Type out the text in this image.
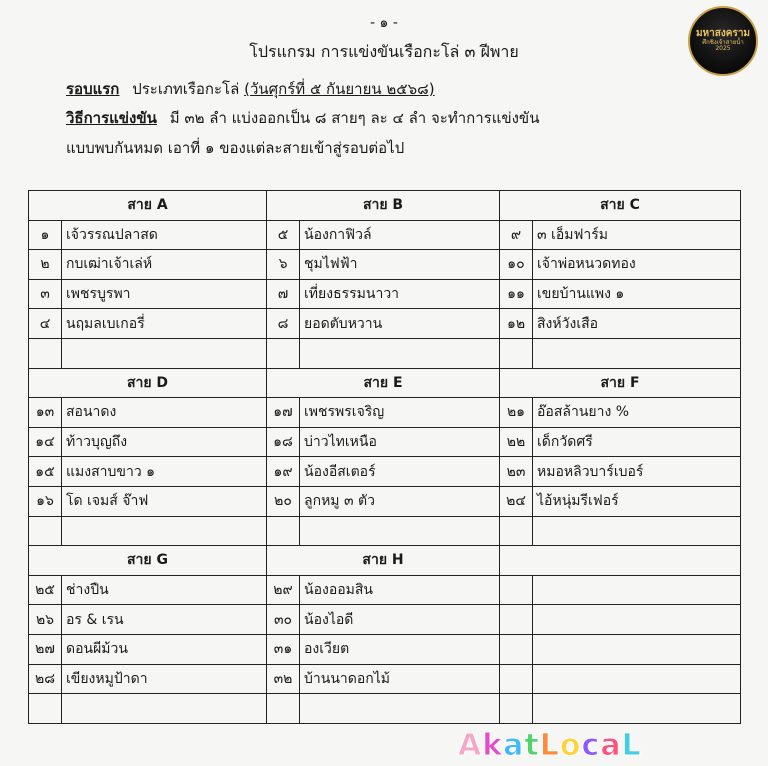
- ๑ -
โปรแกรม การแข่งขันเรือกะโล่ ๓ ฝีพาย
มหาสงคราม
ศึกชิงเจ้าสายน้ำ
2025
รอบแรก ประเภทเรือกะโล่ (วันศุกร์ที่ ๕ กันยายน ๒๕๖๘)
วิธีการแข่งขัน มี ๓๒ ลำ แบ่งออกเป็น ๘ สายๆ ละ ๔ ลำ จะทำการแข่งขัน
แบบพบกันหมด เอาที่ ๑ ของแต่ละสายเข้าสู่รอบต่อไป
สาย A		สาย B		สาย C	
๑	เจ้วรรณปลาสด	๕	น้องกาฟิวล์	๙	๓ เอ็มฟาร์ม
๒	กบเฒ่าเจ้าเล่ห์	๖	ชุมไฟฟ้า	๑๐	เจ้าพ่อหนวดทอง
๓	เพชรบูรพา	๗	เที่ยงธรรมนาวา	๑๑	เขยบ้านแพง ๑
๔	นฤมลเบเกอรี่	๘	ยอดตับหวาน	๑๒	สิงห์วังเสือ

สาย D		สาย E		สาย F	
๑๓	สอนาดง	๑๗	เพชรพรเจริญ	๒๑	อ๊อสล้านยาง %
๑๔	ท้าวบุญถึง	๑๘	บ่าวไทเหนือ	๒๒	เด็กวัดศรี
๑๕	แมงสาบขาว ๑	๑๙	น้องอีสเตอร์	๒๓	หมอหลิวบาร์เบอร์
๑๖	โด เจมส์ จ๊าฟ	๒๐	ลูกหมู ๓ ตัว	๒๔	ไอ้หนุ่มรีเฟอร์

สาย G		สาย H			
๒๕	ช่างปืน	๒๙	น้องออมสิน		
๒๖	อร & เรน	๓๐	น้องไอดี		
๒๗	ดอนผีม้วน	๓๑	องเวียต		
๒๘	เขียงหมูป้าดา	๓๒	บ้านนาดอกไม้		

AkatLocaL
